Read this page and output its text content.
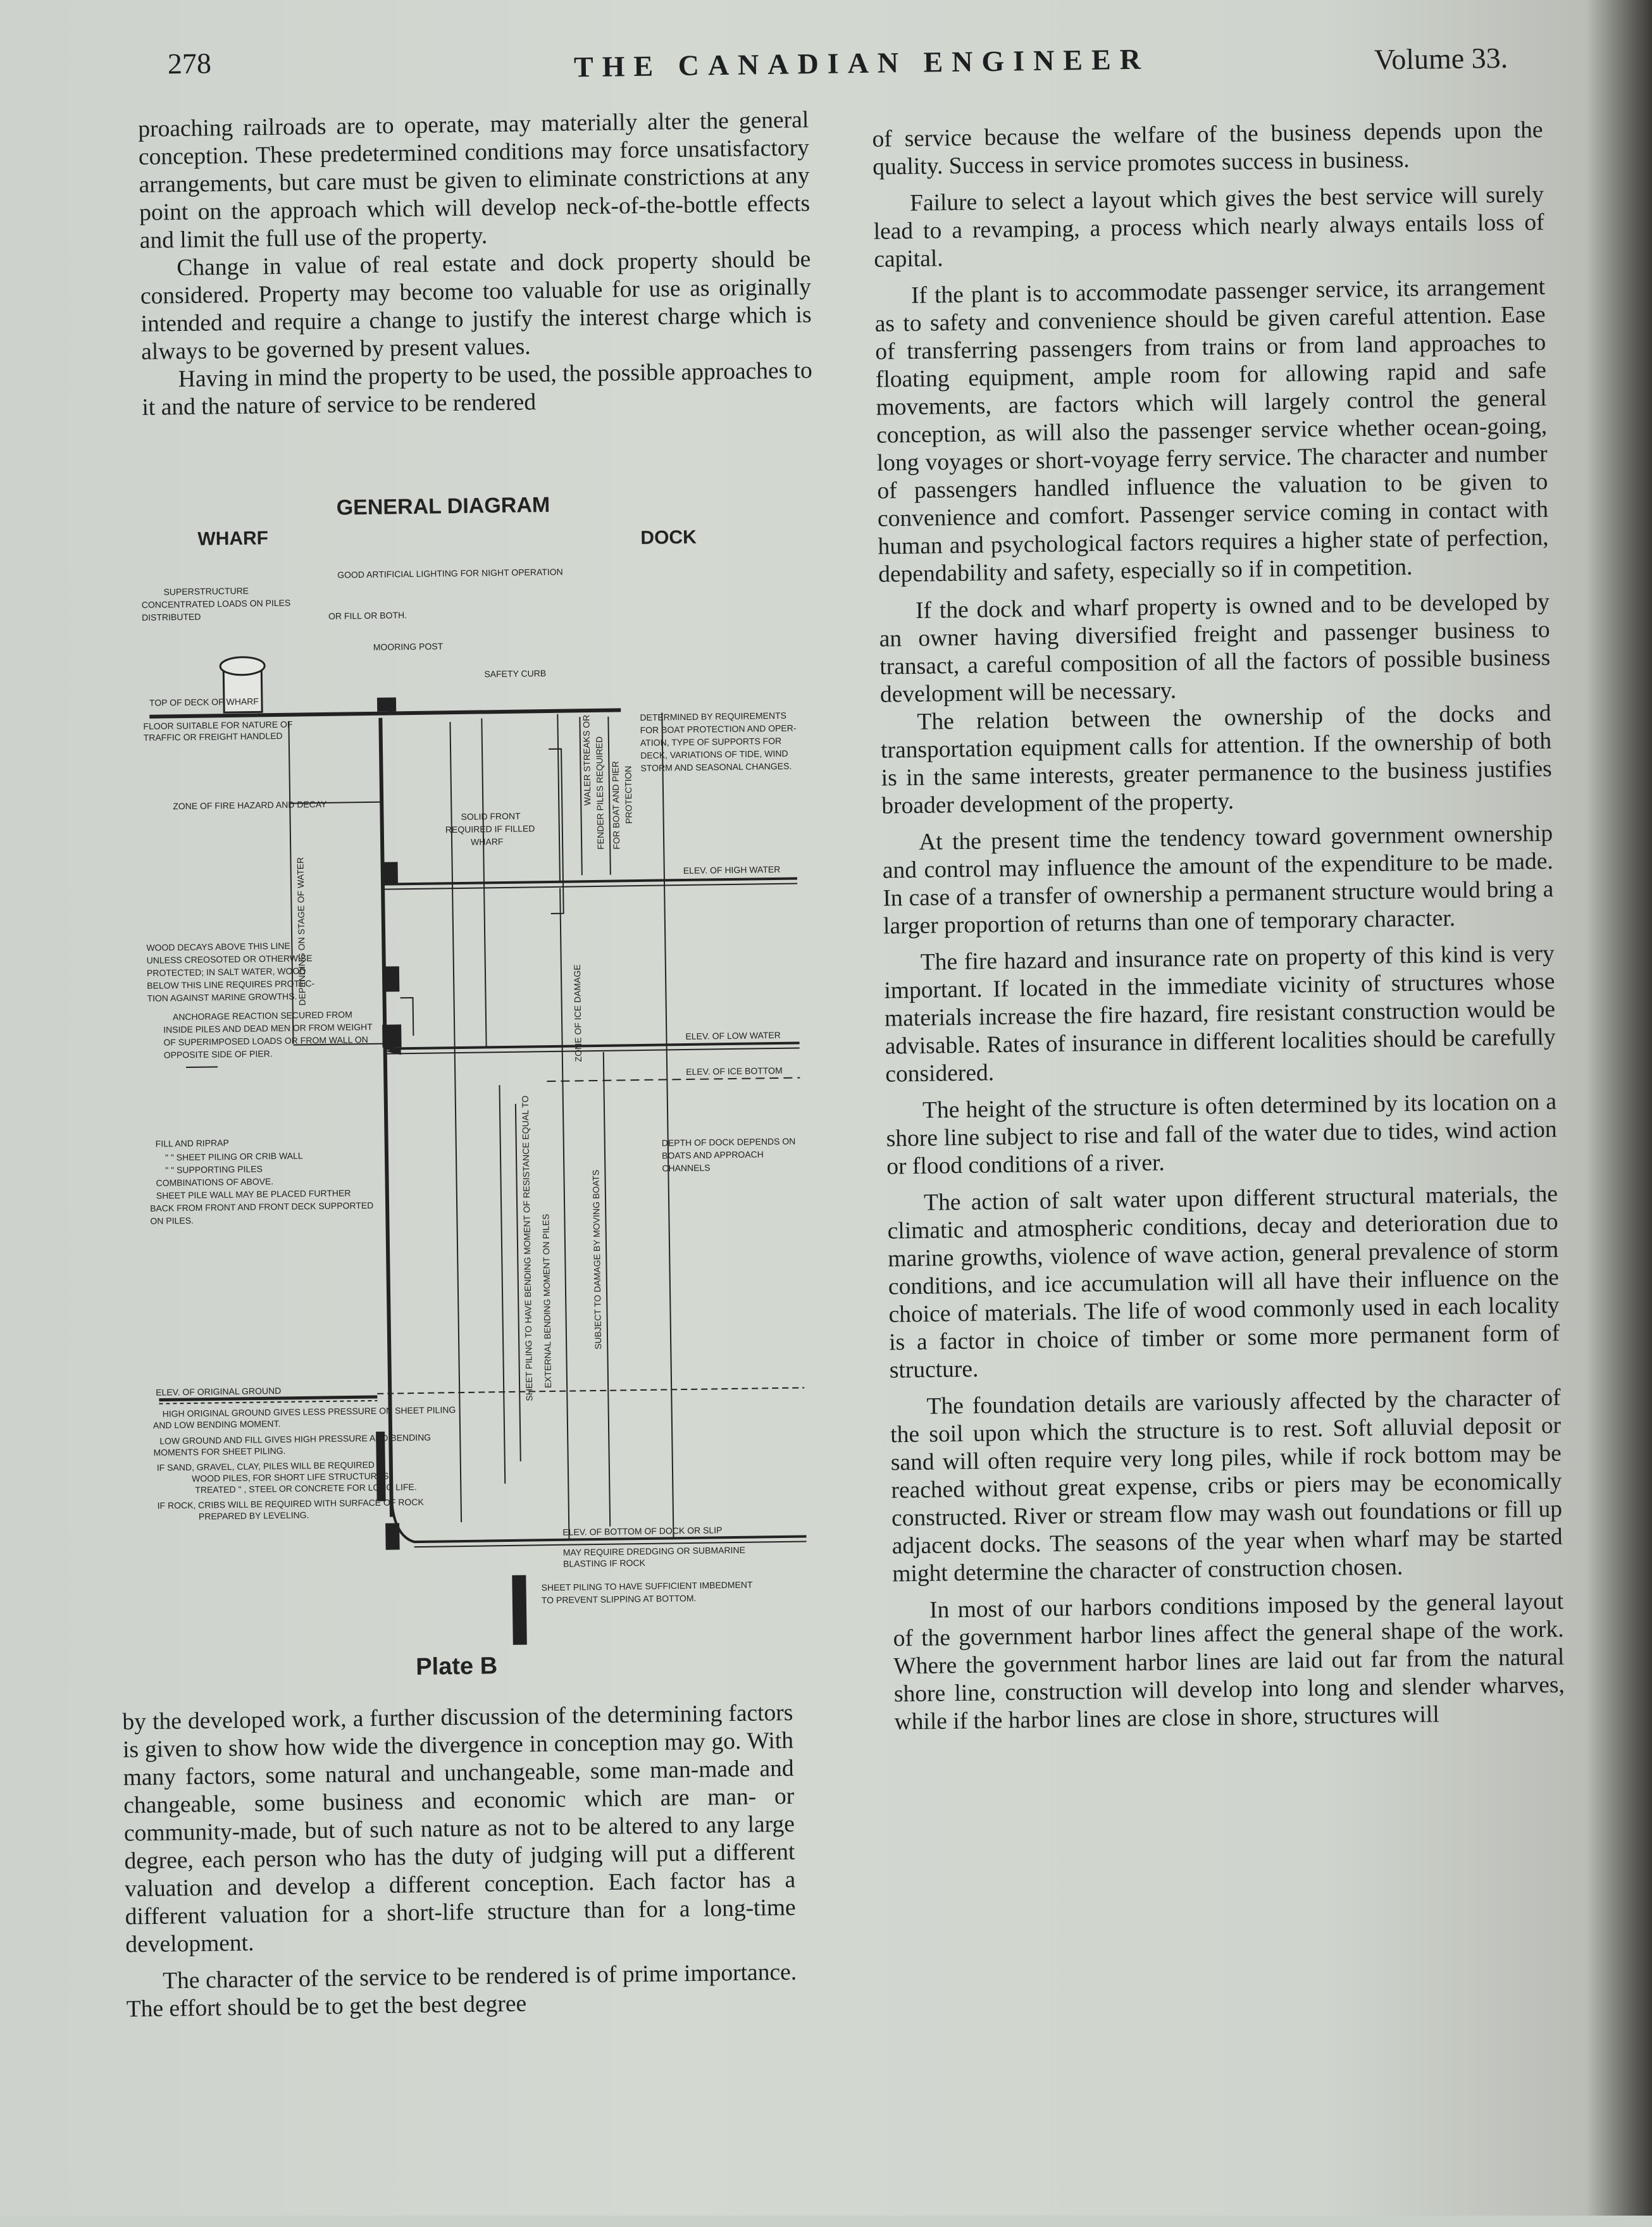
278	THE CANADIAN ENGINEER	Volume 33.

proaching railroads are to operate, may materially alter the general conception. These predetermined conditions may force unsatisfactory arrangements, but care must be given to eliminate constrictions at any point on the approach which will develop neck-of-the-bottle effects and limit the full use of the property.

Change in value of real estate and dock property should be considered. Property may become too valuable for use as originally intended and require a change to justify the interest charge which is always to be governed by present values.

Having in mind the property to be used, the possible approaches to it and the nature of service to be rendered

GENERAL DIAGRAM
WHARF	DOCK
GOOD ARTIFICIAL LIGHTING FOR NIGHT OPERATION
SUPERSTRUCTURE
CONCENTRATED LOADS ON PILES
DISTRIBUTED	OR FILL OR BOTH.
MOORING POST
SAFETY CURB
TOP OF DECK OF WHARF
FLOOR SUITABLE FOR NATURE OF
TRAFFIC OR FREIGHT HANDLED
DETERMINED BY REQUIREMENTS
FOR BOAT PROTECTION AND OPER-
ATION, TYPE OF SUPPORTS FOR
DECK, VARIATIONS OF TIDE, WIND
STORM AND SEASONAL CHANGES.
WALER STREAKS OR FENDER PILES REQUIRED FOR BOAT AND PIER PROTECTION
ZONE OF FIRE HAZARD AND DECAY
SOLID FRONT
REQUIRED IF FILLED
WHARF
ELEV. OF HIGH WATER
DEPENDING ON STAGE OF WATER
WOOD DECAYS ABOVE THIS LINE
UNLESS CREOSOTED OR OTHERWISE
PROTECTED; IN SALT WATER, WOOD
BELOW THIS LINE REQUIRES PROTEC-
TION AGAINST MARINE GROWTHS.
ANCHORAGE REACTION SECURED FROM
INSIDE PILES AND DEAD MEN OR FROM WEIGHT
OF SUPERIMPOSED LOADS OR FROM WALL ON
OPPOSITE SIDE OF PIER.
ELEV. OF LOW WATER
ZONE OF ICE DAMAGE
ELEV. OF ICE BOTTOM
FILL AND RIPRAP
" " SHEET PILING OR CRIB WALL
" " SUPPORTING PILES
COMBINATIONS OF ABOVE.
SHEET PILE WALL MAY BE PLACED FURTHER
BACK FROM FRONT AND FRONT DECK SUPPORTED
ON PILES.
DEPTH OF DOCK DEPENDS ON
BOATS AND APPROACH
CHANNELS
SHEET PILING TO HAVE BENDING MOMENT OF RESISTANCE EQUAL TO EXTERNAL BENDING MOMENT ON PILES	SUBJECT TO DAMAGE BY MOVING BOATS
ELEV. OF ORIGINAL GROUND
HIGH ORIGINAL GROUND GIVES LESS PRESSURE ON SHEET PILING
AND LOW BENDING MOMENT.
LOW GROUND AND FILL GIVES HIGH PRESSURE AND BENDING
MOMENTS FOR SHEET PILING.
IF SAND, GRAVEL, CLAY, PILES WILL BE REQUIRED
WOOD PILES, FOR SHORT LIFE STRUCTURES
TREATED " , STEEL OR CONCRETE FOR LONG LIFE.
IF ROCK, CRIBS WILL BE REQUIRED WITH SURFACE OF ROCK
PREPARED BY LEVELING.
ELEV. OF BOTTOM OF DOCK OR SLIP
MAY REQUIRE DREDGING OR SUBMARINE
BLASTING IF ROCK
SHEET PILING TO HAVE SUFFICIENT IMBEDMENT
TO PREVENT SLIPPING AT BOTTOM.
Plate B

by the developed work, a further discussion of the determining factors is given to show how wide the divergence in conception may go. With many factors, some natural and unchangeable, some man-made and changeable, some business and economic which are man- or community-made, but of such nature as not to be altered to any large degree, each person who has the duty of judging will put a different valuation and develop a different conception. Each factor has a different valuation for a short-life structure than for a long-time development.

The character of the service to be rendered is of prime importance. The effort should be to get the best degree

of service because the welfare of the business depends upon the quality. Success in service promotes success in business.

Failure to select a layout which gives the best service will surely lead to a revamping, a process which nearly always entails loss of capital.

If the plant is to accommodate passenger service, its arrangement as to safety and convenience should be given careful attention. Ease of transferring passengers from trains or from land approaches to floating equipment, ample room for allowing rapid and safe movements, are factors which will largely control the general conception, as will also the passenger service whether ocean-going, long voyages or short-voyage ferry service. The character and number of passengers handled influence the valuation to be given to convenience and comfort. Passenger service coming in contact with human and psychological factors requires a higher state of perfection, dependability and safety, especially so if in competition.

If the dock and wharf property is owned and to be developed by an owner having diversified freight and passenger business to transact, a careful composition of all the factors of possible business development will be necessary.

The relation between the ownership of the docks and transportation equipment calls for attention. If the ownership of both is in the same interests, greater permanence to the business justifies broader development of the property.

At the present time the tendency toward government ownership and control may influence the amount of the expenditure to be made. In case of a transfer of ownership a permanent structure would bring a larger proportion of returns than one of temporary character.

The fire hazard and insurance rate on property of this kind is very important. If located in the immediate vicinity of structures whose materials increase the fire hazard, fire resistant construction would be advisable. Rates of insurance in different localities should be carefully considered.

The height of the structure is often determined by its location on a shore line subject to rise and fall of the water due to tides, wind action or flood conditions of a river.

The action of salt water upon different structural materials, the climatic and atmospheric conditions, decay and deterioration due to marine growths, violence of wave action, general prevalence of storm conditions, and ice accumulation will all have their influence on the choice of materials. The life of wood commonly used in each locality is a factor in choice of timber or some more permanent form of structure.

The foundation details are variously affected by the character of the soil upon which the structure is to rest. Soft alluvial deposit or sand will often require very long piles, while if rock bottom may be reached without great expense, cribs or piers may be economically constructed. River or stream flow may wash out foundations or fill up adjacent docks. The seasons of the year when wharf may be started might determine the character of construction chosen.

In most of our harbors conditions imposed by the general layout of the government harbor lines affect the general shape of the work. Where the government harbor lines are laid out far from the natural shore line, construction will develop into long and slender wharves, while if the harbor lines are close in shore, structures will
